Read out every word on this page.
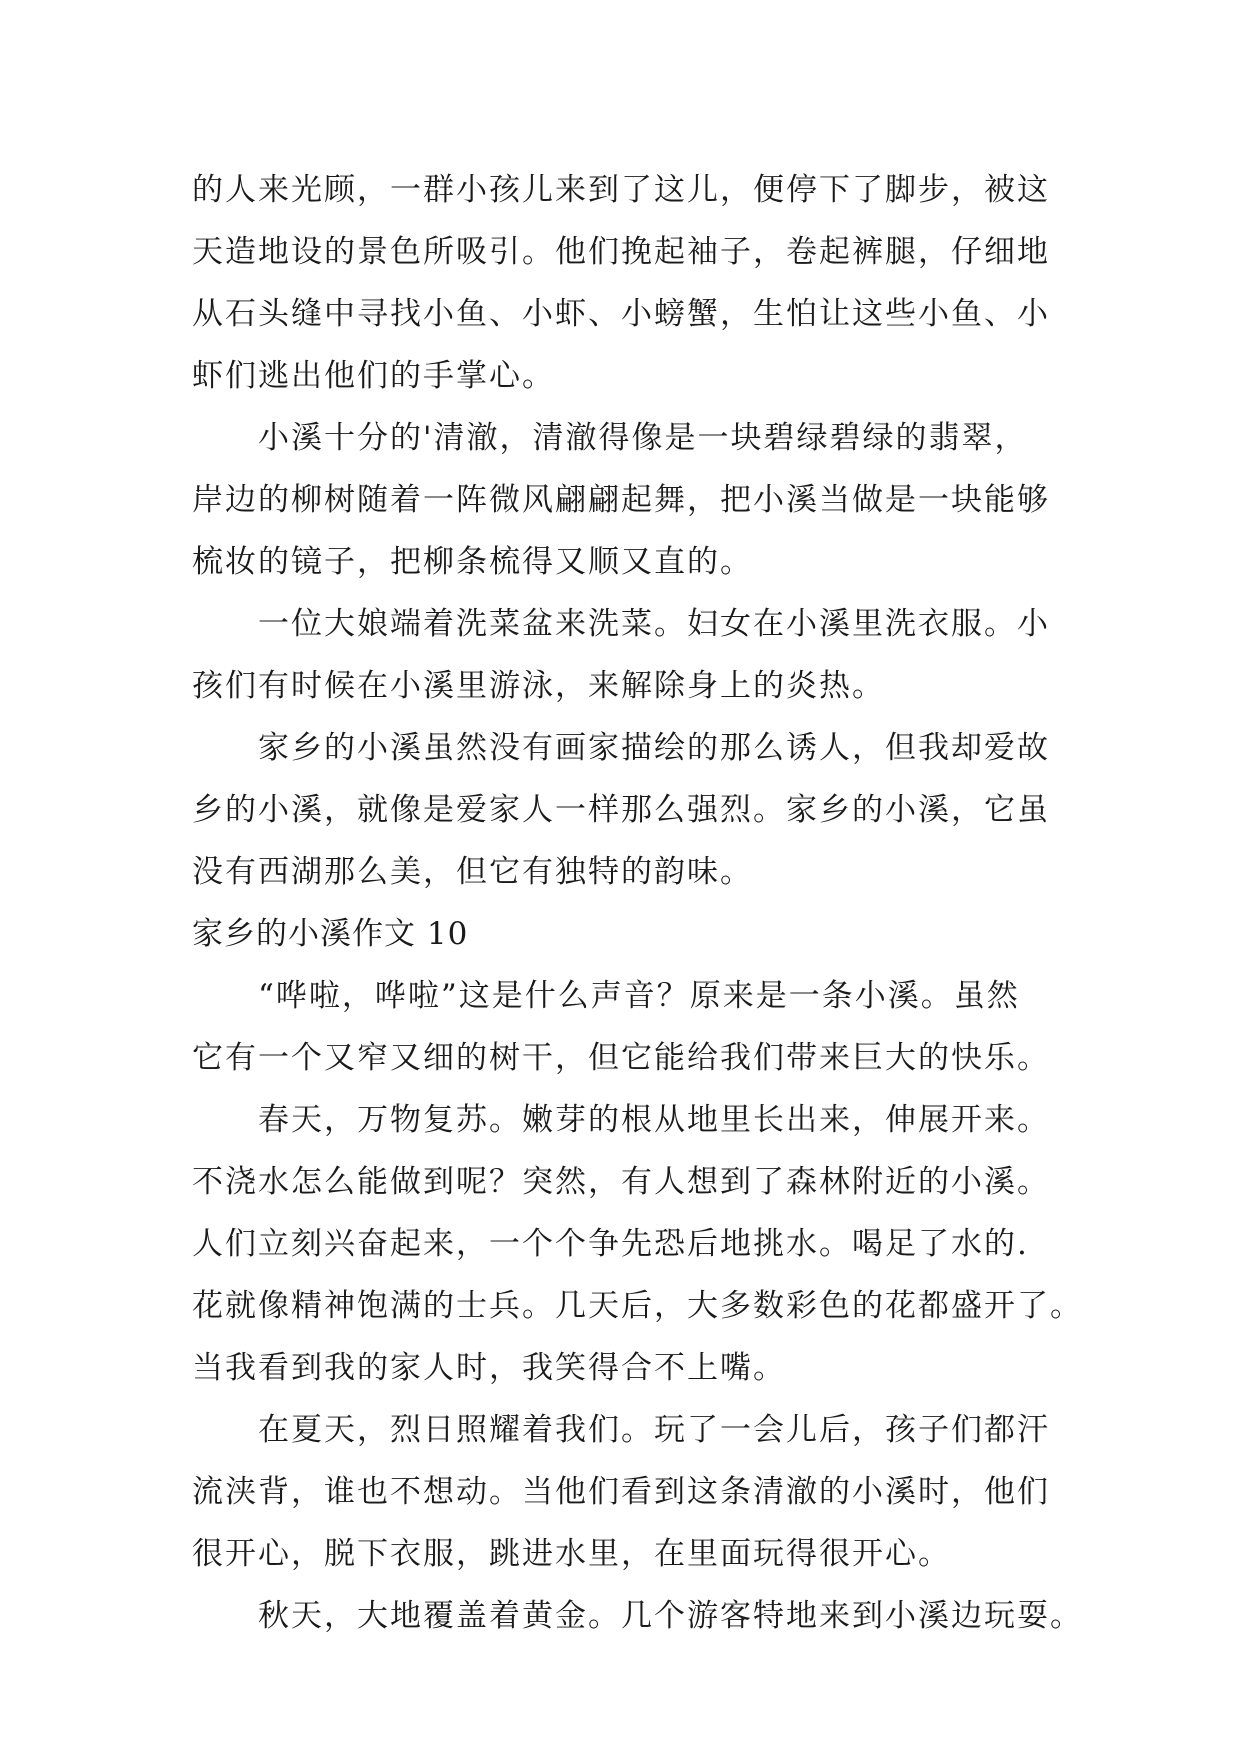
的人来光顾，一群小孩儿来到了这儿，便停下了脚步，被这
天造地设的景色所吸引。他们挽起袖子，卷起裤腿，仔细地
从石头缝中寻找小鱼、小虾、小螃蟹，生怕让这些小鱼、小
虾们逃出他们的手掌心。
小溪十分的'清澈，清澈得像是一块碧绿碧绿的翡翠，
岸边的柳树随着一阵微风翩翩起舞，把小溪当做是一块能够
梳妆的镜子，把柳条梳得又顺又直的。
一位大娘端着洗菜盆来洗菜。妇女在小溪里洗衣服。小
孩们有时候在小溪里游泳，来解除身上的炎热。
家乡的小溪虽然没有画家描绘的那么诱人，但我却爱故
乡的小溪，就像是爱家人一样那么强烈。家乡的小溪，它虽
没有西湖那么美，但它有独特的韵味。
家乡的小溪作文 10
“哗啦，哗啦”这是什么声音？原来是一条小溪。虽然
它有一个又窄又细的树干，但它能给我们带来巨大的快乐。
春天，万物复苏。嫩芽的根从地里长出来，伸展开来。
不浇水怎么能做到呢？突然，有人想到了森林附近的小溪。
人们立刻兴奋起来，一个个争先恐后地挑水。喝足了水的.
花就像精神饱满的士兵。几天后，大多数彩色的花都盛开了。
当我看到我的家人时，我笑得合不上嘴。
在夏天，烈日照耀着我们。玩了一会儿后，孩子们都汗
流浃背，谁也不想动。当他们看到这条清澈的小溪时，他们
很开心，脱下衣服，跳进水里，在里面玩得很开心。
秋天，大地覆盖着黄金。几个游客特地来到小溪边玩耍。
